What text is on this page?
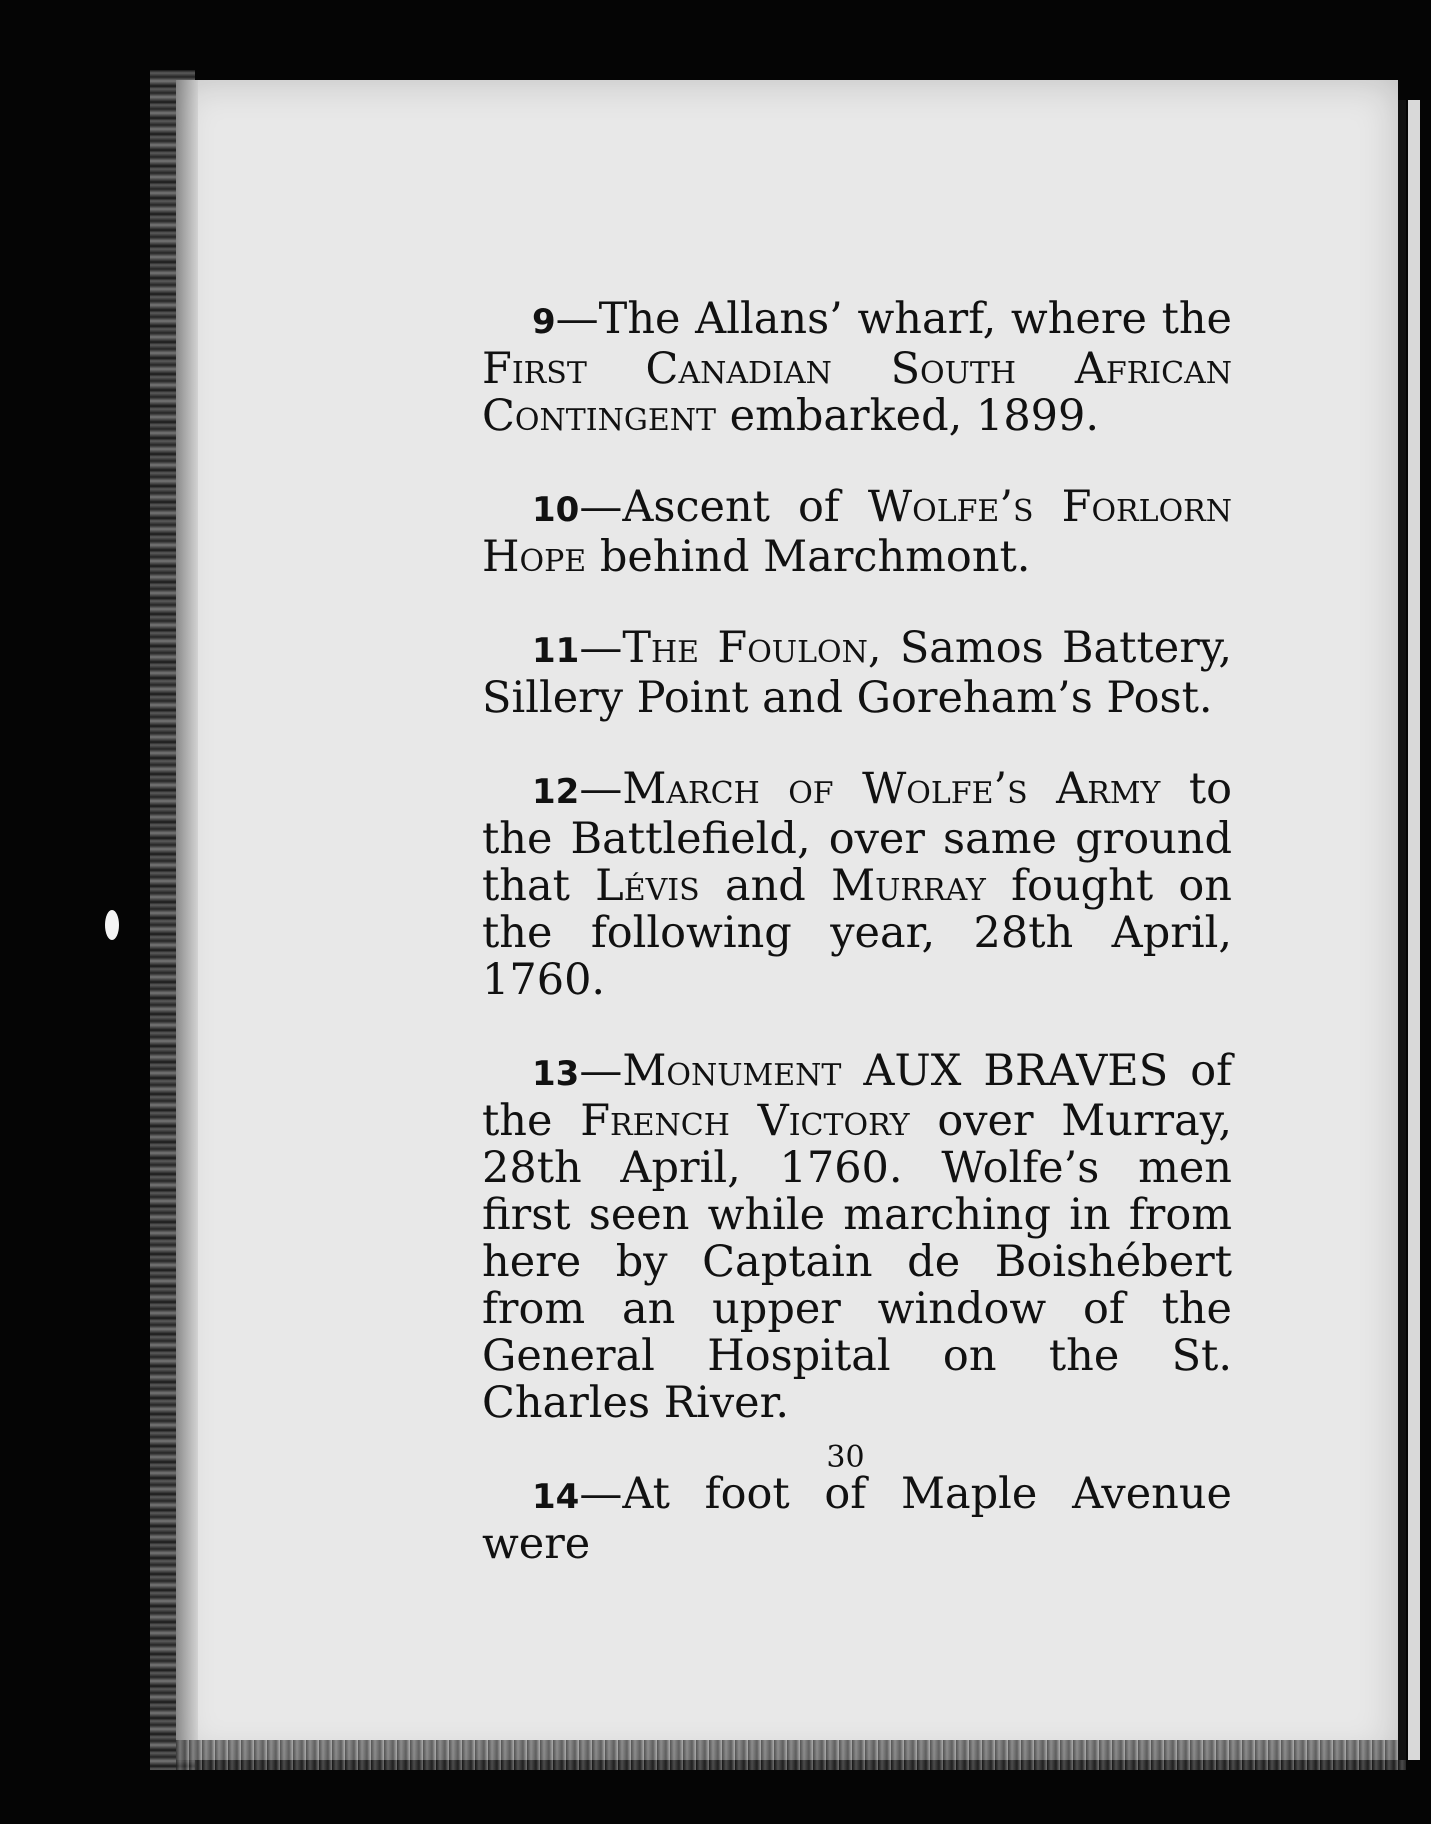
9—The Allans’ wharf, where the First Canadian South African Contingent embarked, 1899.

10—Ascent of Wolfe’s Forlorn Hope behind Marchmont.

11—The Foulon, Samos Battery, Sillery Point and Goreham’s Post.

12—March of Wolfe’s Army to the Battlefield, over same ground that Lévis and Murray fought on the following year, 28th April, 1760.

13—Monument AUX BRAVES of the French Victory over Murray, 28th April, 1760. Wolfe’s men first seen while marching in from here by Captain de Boishébert from an upper window of the General Hospital on the St. Charles River.

14—At foot of Maple Avenue were

30
